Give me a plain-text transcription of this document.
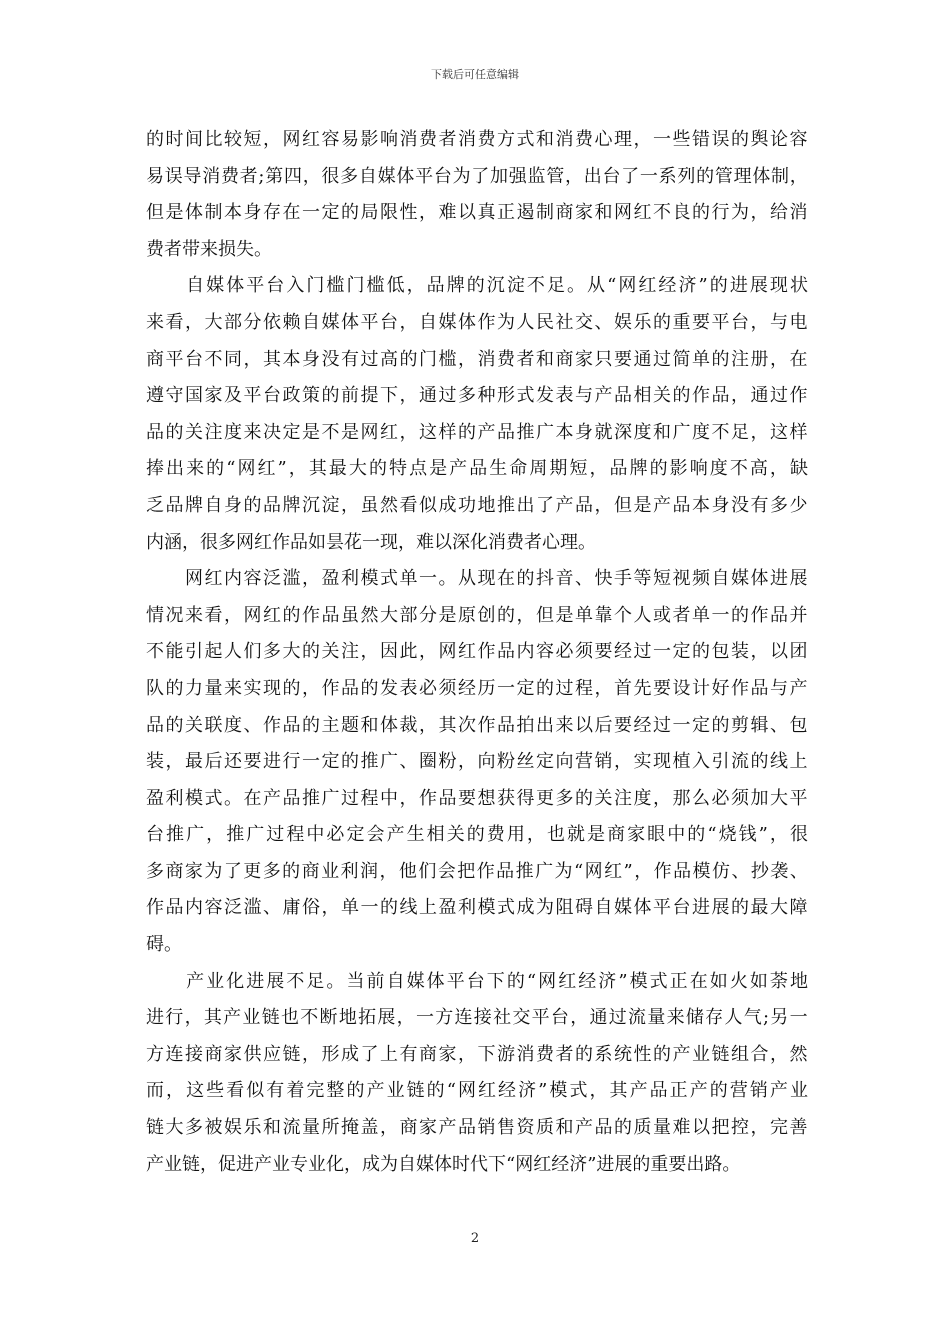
下载后可任意编辑
的 时 间 比 较 短 ， 网 红 容 易 影 响 消 费 者 消 费 方 式 和 消 费 心 理 ， 一 些 错 误 的 舆 论 容
易 误 导 消 费 者 ; 第 四 ， 很 多 自 媒 体 平 台 为 了 加 强 监 管 ， 出 台 了 一 系 列 的 管 理 体 制 ，
但 是 体 制 本 身 存 在 一 定 的 局 限 性 ， 难 以 真 正 遏 制 商 家 和 网 红 不 良 的 行 为 ， 给 消
费者带来损失。

自 媒 体 平 台 入 门 槛 门 槛 低 ， 品 牌 的 沉 淀 不 足 。 从 “ 网 红 经 济 ” 的 进 展 现 状
来 看 ， 大 部 分 依 赖 自 媒 体 平 台 ， 自 媒 体 作 为 人 民 社 交 、 娱 乐 的 重 要 平 台 ， 与 电
商 平 台 不 同 ， 其 本 身 没 有 过 高 的 门 槛 ， 消 费 者 和 商 家 只 要 通 过 简 单 的 注 册 ， 在
遵 守 国 家 及 平 台 政 策 的 前 提 下 ， 通 过 多 种 形 式 发 表 与 产 品 相 关 的 作 品 ， 通 过 作
品 的 关 注 度 来 决 定 是 不 是 网 红 ， 这 样 的 产 品 推 广 本 身 就 深 度 和 广 度 不 足 ， 这 样
捧 出 来 的 “ 网 红 ” ， 其 最 大 的 特 点 是 产 品 生 命 周 期 短 ， 品 牌 的 影 响 度 不 高 ， 缺
乏 品 牌 自 身 的 品 牌 沉 淀 ， 虽 然 看 似 成 功 地 推 出 了 产 品 ， 但 是 产 品 本 身 没 有 多 少
内涵，很多网红作品如昙花一现，难以深化消费者心理。

网 红 内 容 泛 滥 ， 盈 利 模 式 单 一 。 从 现 在 的 抖 音 、 快 手 等 短 视 频 自 媒 体 进 展
情 况 来 看 ， 网 红 的 作 品 虽 然 大 部 分 是 原 创 的 ， 但 是 单 靠 个 人 或 者 单 一 的 作 品 并
不 能 引 起 人 们 多 大 的 关 注 ， 因 此 ， 网 红 作 品 内 容 必 须 要 经 过 一 定 的 包 装 ， 以 团
队 的 力 量 来 实 现 的 ， 作 品 的 发 表 必 须 经 历 一 定 的 过 程 ， 首 先 要 设 计 好 作 品 与 产
品 的 关 联 度 、 作 品 的 主 题 和 体 裁 ， 其 次 作 品 拍 出 来 以 后 要 经 过 一 定 的 剪 辑 、 包
装 ， 最 后 还 要 进 行 一 定 的 推 广 、 圈 粉 ， 向 粉 丝 定 向 营 销 ， 实 现 植 入 引 流 的 线 上
盈 利 模 式 。 在 产 品 推 广 过 程 中 ， 作 品 要 想 获 得 更 多 的 关 注 度 ， 那 么 必 须 加 大 平
台 推 广 ， 推 广 过 程 中 必 定 会 产 生 相 关 的 费 用 ， 也 就 是 商 家 眼 中 的 “ 烧 钱 ” ， 很
多 商 家 为 了 更 多 的 商 业 利 润 ， 他 们 会 把 作 品 推 广 为 “ 网 红 ” ， 作 品 模 仿 、 抄 袭 、
作 品 内 容 泛 滥 、 庸 俗 ， 单 一 的 线 上 盈 利 模 式 成 为 阻 碍 自 媒 体 平 台 进 展 的 最 大 障
碍。

产 业 化 进 展 不 足 。 当 前 自 媒 体 平 台 下 的 “ 网 红 经 济 ” 模 式 正 在 如 火 如 荼 地
进 行 ， 其 产 业 链 也 不 断 地 拓 展 ， 一 方 连 接 社 交 平 台 ， 通 过 流 量 来 储 存 人 气 ; 另 一
方 连 接 商 家 供 应 链 ， 形 成 了 上 有 商 家 ， 下 游 消 费 者 的 系 统 性 的 产 业 链 组 合 ， 然
而 ， 这 些 看 似 有 着 完 整 的 产 业 链 的 “ 网 红 经 济 ” 模 式 ， 其 产 品 正 产 的 营 销 产 业
链 大 多 被 娱 乐 和 流 量 所 掩 盖 ， 商 家 产 品 销 售 资 质 和 产 品 的 质 量 难 以 把 控 ， 完 善
产业链，促进产业专业化，成为自媒体时代下“网红经济”进展的重要出路。
2
